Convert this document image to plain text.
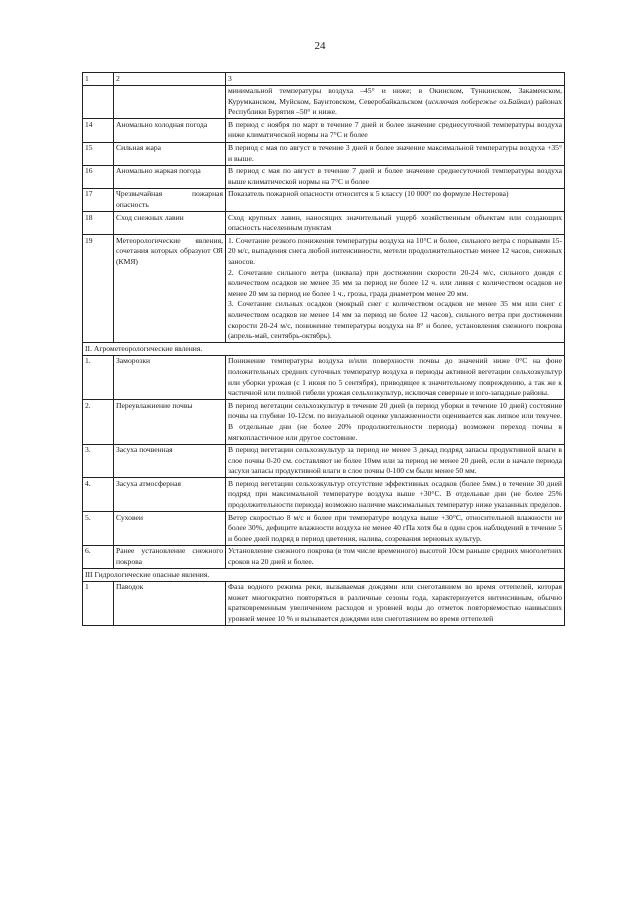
24
1	2	3
		минимальной температуры воздуха –45° и ниже; в Окинском, Тункинском, Закаменском, Курумканском, Муйском, Баунтовском, Северобайкальском (исключая побережье оз.Байкал) районах Республики Бурятия –50° и ниже.
14	Аномально холодная погода	В период с ноября по март в течение 7 дней и более значение среднесуточной температуры воздуха ниже климатической нормы на 7°С и более
15	Сильная жара	В период с мая по август в течение 3 дней и более значение максимальной температуры воздуха +35° и выше.
16	Аномально жаркая погода	В период с мая по август в течение 7 дней и более значение среднесуточной температуры воздуха выше климатической нормы на 7°С и более
17	Чрезвычайная пожарная опасность	Показатель пожарной опасности относится к 5 классу (10 000° по формуле Нестерова)
18	Сход снежных лавин	Сход крупных лавин, наносящих значительный ущерб хозяйственным объектам или создающих опасность населенным пунктам
19	Метеорологические явления, сочетания которых образуют ОЯ (КМЯ)	1. Сочетание резкого понижения температуры воздуха на 10°С и более, сильного ветра с порывами 15-20 м/с, выпадения снега любой интенсивности, метели продолжительностью менее 12 часов, снежных заносов.
2. Сочетание сильного ветра (шквала) при достижении скорости 20-24 м/с, сильного дождя с количеством осадков не менее 35 мм за период не более 12 ч. или ливня с количеством осадков не менее 20 мм за период не более 1 ч., грозы, града диаметром менее 20 мм.
3. Сочетание сильных осадков (мокрый снег с количеством осадков не менее 35 мм или снег с количеством осадков не менее 14 мм за период не более 12 часов), сильного ветра при достижении скорости 20-24 м/с, понижение температуры воздуха на 8° и более, установления снежного покрова (апрель-май, сентябрь-октябрь).

II. Агрометеорологические явления.		
1.	Заморозки	Понижение температуры воздуха и/или поверхности почвы до значений ниже 0°С на фоне положительных средних суточных температур воздуха в периоды активной вегетации сельхозкультур или уборки урожая (с 1 июня по 5 сентября), приводящее к значительному повреждению, а так же к частичной или полной гибели урожая сельхозкультур, исключая северные и юго-западные районы.
2.	Переувлажнение почвы	В период вегетации сельхозкультур в течение 20 дней (в период уборки в течение 10 дней) состояние почвы на глубине 10-12см. по визуальной оценке увлажненности оценивается как липкое или текучее. В отдельные дни (не более 20% продолжительности периода) возможен переход почвы в мягкопластичное или другое состояние.
3.	Засуха почвенная	В период вегетации сельхозкультур за период не менее 3 декад подряд запасы продуктивной влаги в слое почвы 0-20 см. составляют не более 10мм или за период не менее 20 дней, если в начале периода засухи запасы продуктивной влаги в слое почвы 0-100 см были менее 50 мм.
4.	Засуха атмосферная	В период вегетации сельхозкультур отсутствие эффективных осадков (более 5мм.) в течение 30 дней подряд при максимальной температуре воздуха выше +30°С. В отдельные дни (не более 25% продолжительности периода) возможно наличие максимальных температур ниже указанных пределов.
5.	Суховеи	Ветер скоростью 8 м/с и более при температуре воздуха выше +30°С, относительной влажности не более 30%, дефиците влажности воздуха не менее 40 гПа хотя бы в один срок наблюдений в течение 5 и более дней подряд в период цветения, налива, созревания зерновых культур.
6.	Ранее установление снежного покрова	Установление снежного покрова (в том числе временного) высотой 10см раньше средних многолетних сроков на 20 дней и более.
III Гидрологические опасные явления.		
1	Паводок	Фаза водного режима реки, вызываемая дождями или снеготаянием во время оттепелей, которая может многократно повторяться в различные сезоны года, характеризуется интенсивным, обычно кратковременным увеличением расходов и уровней воды до отметок повторяемостью наивысших уровней менее 10 % и вызывается дождями или снеготаянием во время оттепелей
